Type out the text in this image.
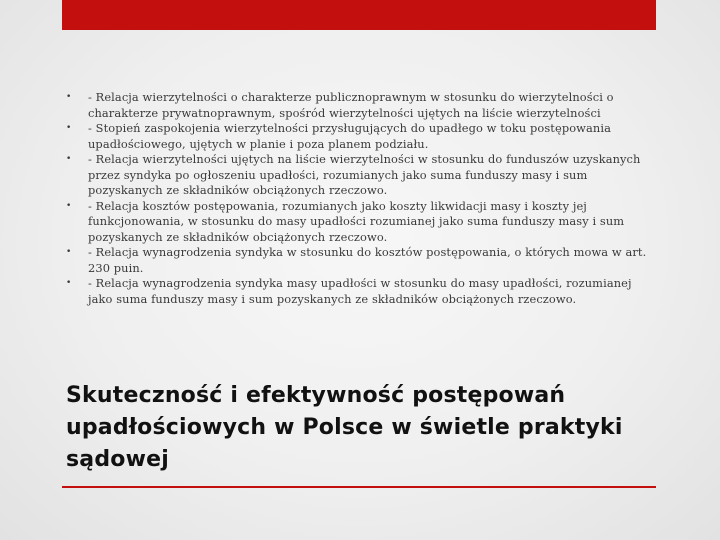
• - Relacja wierzytelności o charakterze publicznoprawnym w stosunku do wierzytelności o charakterze prywatnoprawnym, spośród wierzytelności ujętych na liście wierzytelności
• - Stopień zaspokojenia wierzytelności przysługujących do upadłego w toku postępowania upadłościowego, ujętych w planie i poza planem podziału.
• - Relacja wierzytelności ujętych na liście wierzytelności w stosunku do funduszów uzyskanych przez syndyka po ogłoszeniu upadłości, rozumianych jako suma funduszy masy i sum pozyskanych ze składników obciążonych rzeczowo.
• - Relacja kosztów postępowania, rozumianych jako koszty likwidacji masy i koszty jej funkcjonowania, w stosunku do masy upadłości rozumianej jako suma funduszy masy i sum pozyskanych ze składników obciążonych rzeczowo.
• - Relacja wynagrodzenia syndyka w stosunku do kosztów postępowania, o których mowa w art. 230 puin.
• - Relacja wynagrodzenia syndyka masy upadłości w stosunku do masy upadłości, rozumianej jako suma funduszy masy i sum pozyskanych ze składników obciążonych rzeczowo.
Skuteczność i efektywność postępowań upadłościowych w Polsce w świetle praktyki sądowej
